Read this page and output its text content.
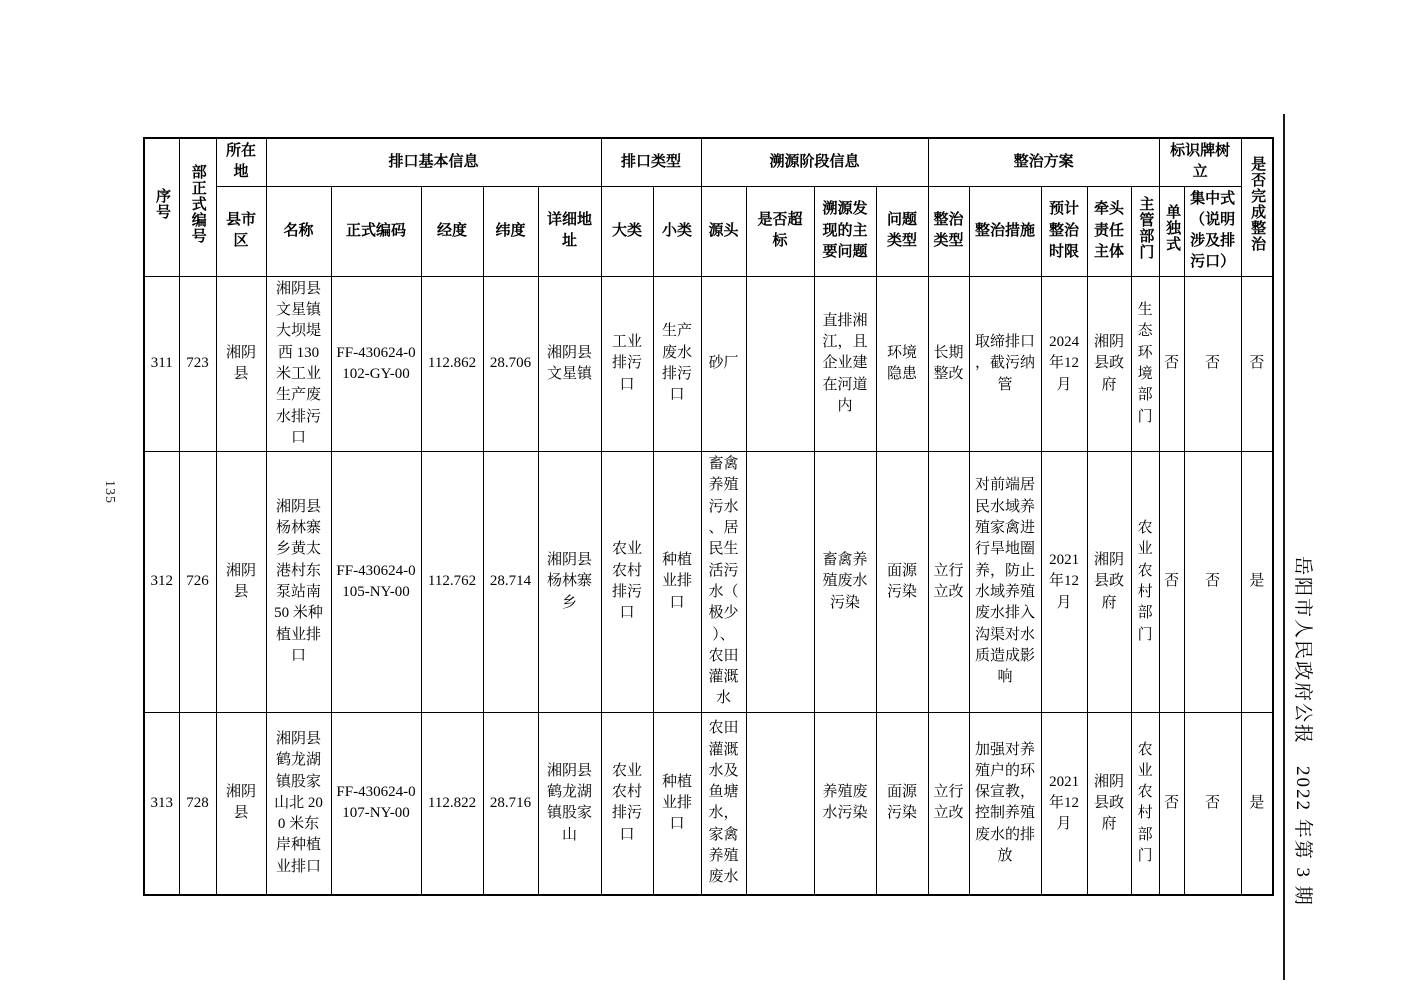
135
岳阳市人民政府公报　2022 年第 3 期
序号	部正式编号	所在地	排口基本信息					排口类型		溯源阶段信息				整治方案					标识牌树立		是否完成整治
		县市区	名称	正式编码	经度	纬度	详细地址	大类	小类	源头	是否超标	溯源发现的主要问题	问题类型	整治类型	整治措施	预计整治时限	牵头责任主体	主管部门	单独式	集中式（说明涉及排污口）	
311	723	湘阴县	湘阴县文星镇大坝堤西 130 米工业生产废水排污口	FF-430624-0102-GY-00	112.862	28.706	湘阴县文星镇	工业排污口	生产废水排污口	砂厂		直排湘江，且企业建在河道内	环境隐患	长期整改	取缔排口，截污纳管	2024年12月	湘阴县政府	生态环境部门	否	否	否
312	726	湘阴县	湘阴县杨林寨乡黄太港村东泵站南 50 米种植业排口	FF-430624-0105-NY-00	112.762	28.714	湘阴县杨林寨乡	农业农村排污口	种植业排口	畜禽养殖污水、居民生活污水（极少）、农田灌溉水		畜禽养殖废水污染	面源污染	立行立改	对前端居民水域养殖家禽进行旱地圈养，防止水域养殖废水排入沟渠对水质造成影响	2021年12月	湘阴县政府	农业农村部门	否	否	是
313	728	湘阴县	湘阴县鹤龙湖镇股家山北 200 米东岸种植业排口	FF-430624-0107-NY-00	112.822	28.716	湘阴县鹤龙湖镇股家山	农业农村排污口	种植业排口	农田灌溉水及鱼塘水，家禽养殖废水		养殖废水污染	面源污染	立行立改	加强对养殖户的环保宣教，控制养殖废水的排放	2021年12月	湘阴县政府	农业农村部门	否	否	是
